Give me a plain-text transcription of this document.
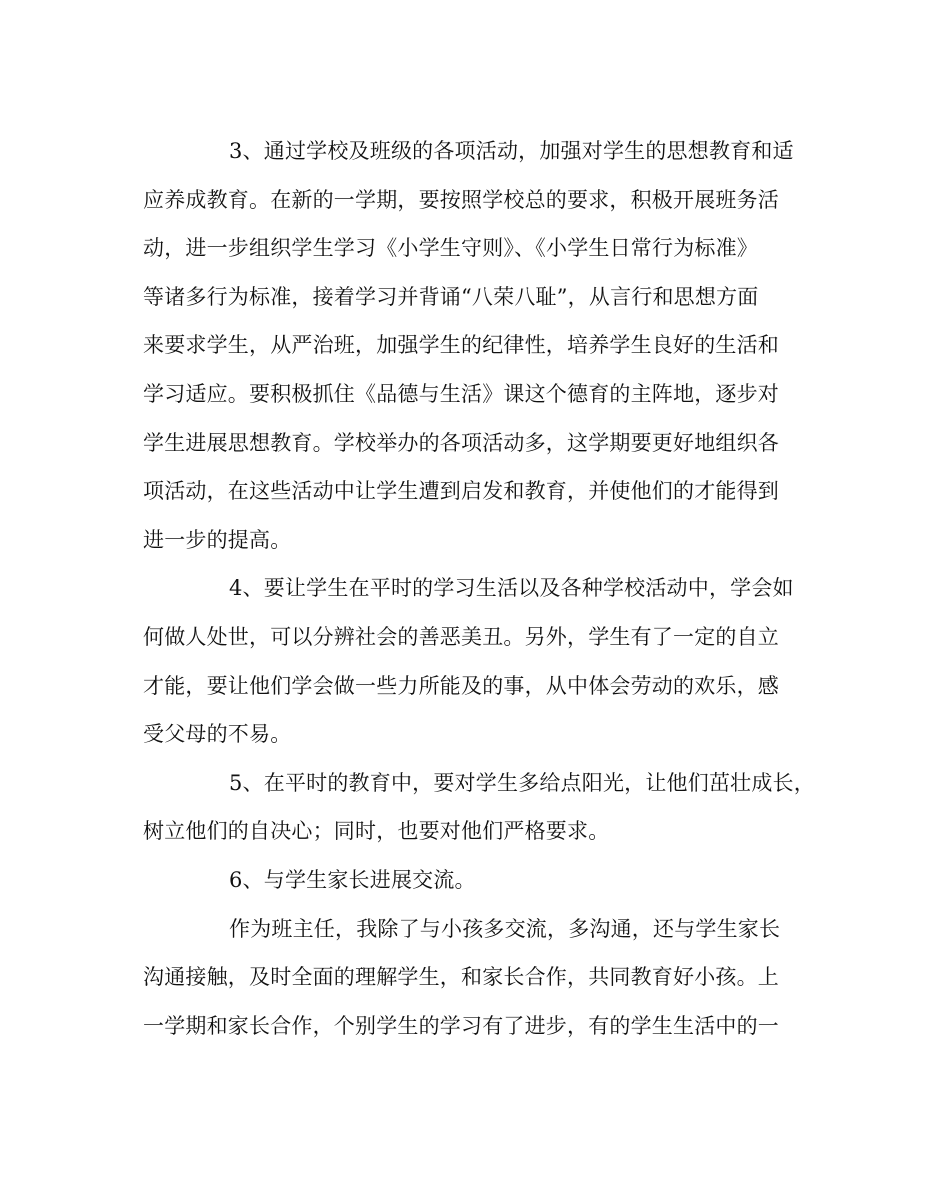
3、通过学校及班级的各项活动，加强对学生的思想教育和适
应养成教育。在新的一学期，要按照学校总的要求，积极开展班务活
动，进一步组织学生学习《小学生守则》、《小学生日常行为标准》
等诸多行为标准，接着学习并背诵“八荣八耻”，从言行和思想方面
来要求学生，从严治班，加强学生的纪律性，培养学生良好的生活和
学习适应。要积极抓住《品德与生活》课这个德育的主阵地，逐步对
学生进展思想教育。学校举办的各项活动多，这学期要更好地组织各
项活动，在这些活动中让学生遭到启发和教育，并使他们的才能得到
进一步的提高。
4、要让学生在平时的学习生活以及各种学校活动中，学会如
何做人处世，可以分辨社会的善恶美丑。另外，学生有了一定的自立
才能，要让他们学会做一些力所能及的事，从中体会劳动的欢乐，感
受父母的不易。
5、在平时的教育中，要对学生多给点阳光，让他们茁壮成长，
树立他们的自决心；同时，也要对他们严格要求。
6、与学生家长进展交流。
作为班主任，我除了与小孩多交流，多沟通，还与学生家长
沟通接触，及时全面的理解学生，和家长合作，共同教育好小孩。上
一学期和家长合作，个别学生的学习有了进步，有的学生生活中的一
